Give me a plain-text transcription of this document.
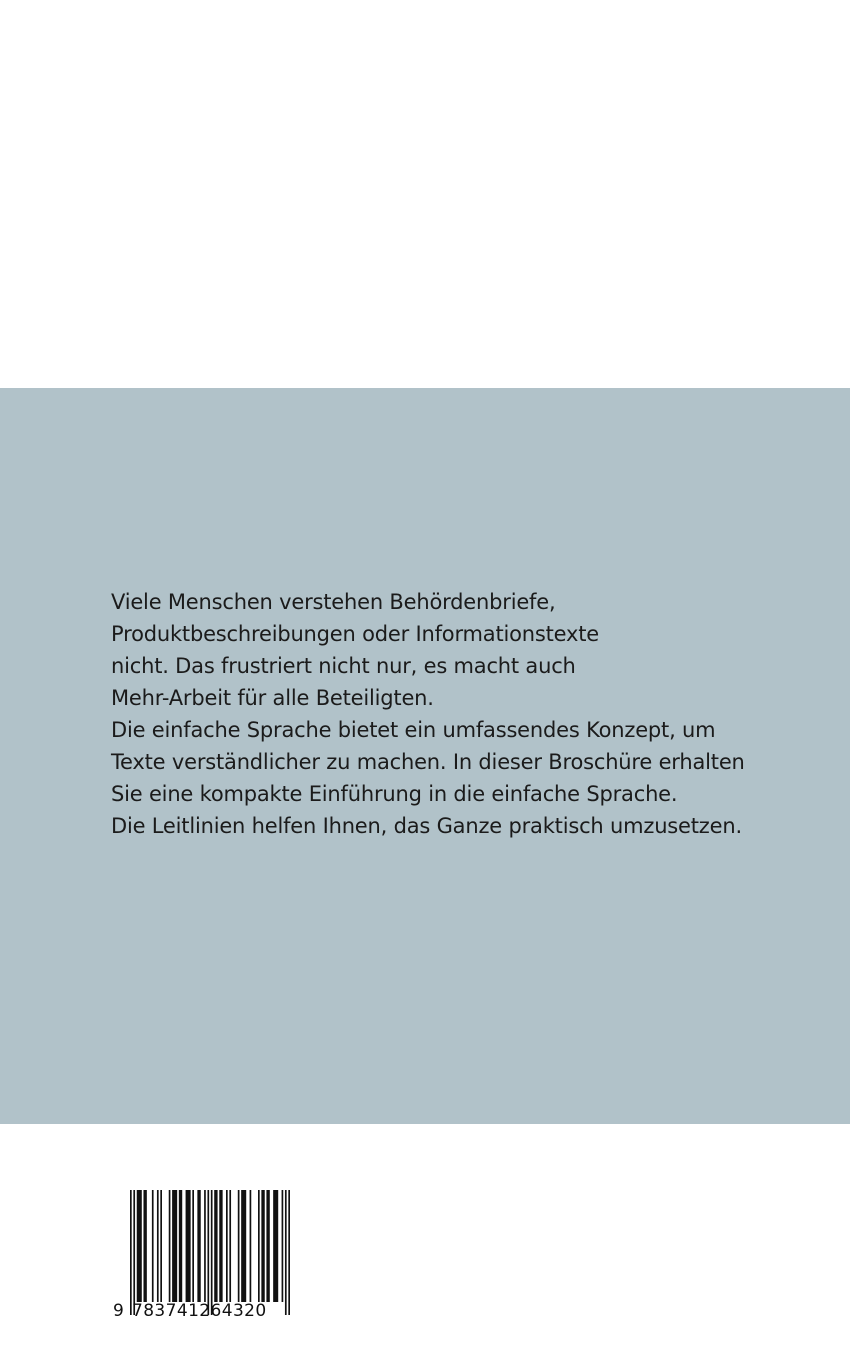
Viele Menschen verstehen Behördenbriefe,
Produktbeschreibungen oder Informationstexte
nicht. Das frustriert nicht nur, es macht auch
Mehr-Arbeit für alle Beteiligten.
Die einfache Sprache bietet ein umfassendes Konzept, um
Texte verständlicher zu machen. In dieser Broschüre erhalten
Sie eine kompakte Einführung in die einfache Sprache.
Die Leitlinien helfen Ihnen, das Ganze praktisch umzusetzen.

9 783741264320
